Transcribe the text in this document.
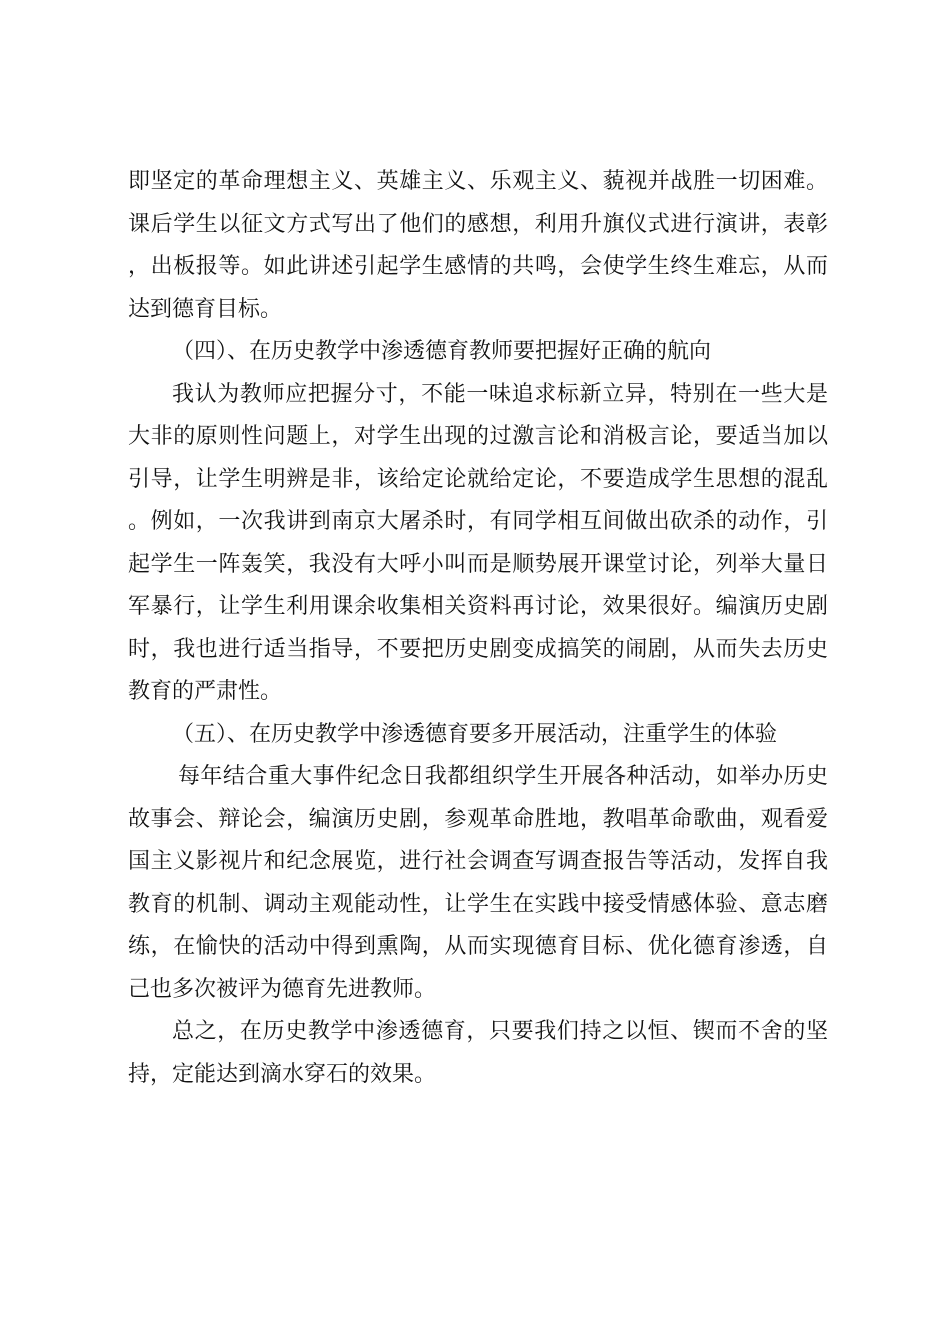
即坚定的革命理想主义、英雄主义、乐观主义、藐视并战胜一切困难。课后学生以征文方式写出了他们的感想，利用升旗仪式进行演讲，表彰，出板报等。如此讲述引起学生感情的共鸣，会使学生终生难忘，从而达到德育目标。

（四）、在历史教学中渗透德育教师要把握好正确的航向

我认为教师应把握分寸，不能一味追求标新立异，特别在一些大是大非的原则性问题上，对学生出现的过激言论和消极言论，要适当加以引导，让学生明辨是非，该给定论就给定论，不要造成学生思想的混乱。例如，一次我讲到南京大屠杀时，有同学相互间做出砍杀的动作，引起学生一阵轰笑，我没有大呼小叫而是顺势展开课堂讨论，列举大量日军暴行，让学生利用课余收集相关资料再讨论，效果很好。编演历史剧时，我也进行适当指导，不要把历史剧变成搞笑的闹剧，从而失去历史教育的严肃性。

（五）、在历史教学中渗透德育要多开展活动，注重学生的体验

每年结合重大事件纪念日我都组织学生开展各种活动，如举办历史故事会、辩论会，编演历史剧，参观革命胜地，教唱革命歌曲，观看爱国主义影视片和纪念展览，进行社会调查写调查报告等活动，发挥自我教育的机制、调动主观能动性，让学生在实践中接受情感体验、意志磨练，在愉快的活动中得到熏陶，从而实现德育目标、优化德育渗透，自己也多次被评为德育先进教师。

总之，在历史教学中渗透德育，只要我们持之以恒、锲而不舍的坚持，定能达到滴水穿石的效果。
